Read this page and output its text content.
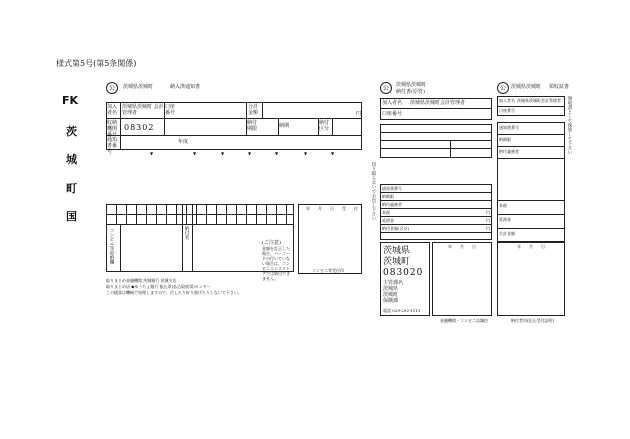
様式第5号(第5条関係)
FK
茨
城
町
国
公	茨城県茨城町	納入済通知書
加入者名
茨城県茨城町 会計管理者
口座番号
合計金額	円
収納機関番号
08302	納付期限	納期	納付区分
通知書番号
年度
▼	▼	▼	▼	▼	▼	▼
コンビニ等収納欄	納付者
(ご注意)
金額を訂正した場合、バーコードの付いていない場合は、コンビニエンスストアでは納付できません。
年 月 日 受 付
コンビニ等受付印
取りまとめ金融機関 茨城銀行 茨城支店
取りまとめ店 ◆ゆうちょ銀行 振込票(払込取扱票)センター
この帳票は機械で処理しますので、汚したり折り曲げたりしないで下さい。
公	茨城県茨城町
納付書(原符)
加入者名 茨城県茨城町会計管理者
口座番号
切り取らないでお出し下さい 通知書番号
納期限
納付義務者
本税
延滞金
納付金額(合計)
円
円
円
茨城県
茨城町
083020
主管課名
茨城県
茨城町
保険課
電話 029-292-1111
年 月 日
金融機関・コンビニ店舗控
公	茨城県茨城町 領収証書
加入者名 茨城県茨城町会計管理者
口座番号
通知書番号
納期限
納付義務者
本税
延滞金
合計金額
領収書として保管して下さい
年 月 日
納付者用(払込受付証明)
